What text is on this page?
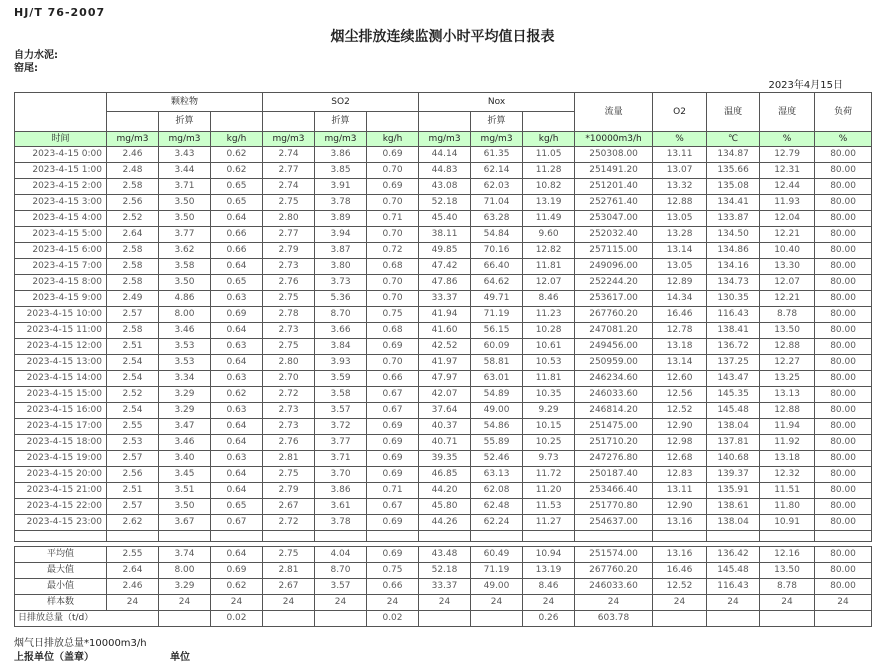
HJ/T 76-2007
烟尘排放连续监测小时平均值日报表
自力水泥:
窑尾:
2023年4月15日
	颗粒物			SO2			Nox			流量	O2	温度	湿度	负荷
		折算			折算			折算						
时间	mg/m3	mg/m3	kg/h	mg/m3	mg/m3	kg/h	mg/m3	mg/m3	kg/h	*10000m3/h	%	℃	%	%
2023-4-15 0:00	2.46	3.43	0.62	2.74	3.86	0.69	44.14	61.35	11.05	250308.00	13.11	134.87	12.79	80.00
2023-4-15 1:00	2.48	3.44	0.62	2.77	3.85	0.70	44.83	62.14	11.28	251491.20	13.07	135.66	12.31	80.00
2023-4-15 2:00	2.58	3.71	0.65	2.74	3.91	0.69	43.08	62.03	10.82	251201.40	13.32	135.08	12.44	80.00
2023-4-15 3:00	2.56	3.50	0.65	2.75	3.78	0.70	52.18	71.04	13.19	252761.40	12.88	134.41	11.93	80.00
2023-4-15 4:00	2.52	3.50	0.64	2.80	3.89	0.71	45.40	63.28	11.49	253047.00	13.05	133.87	12.04	80.00
2023-4-15 5:00	2.64	3.77	0.66	2.77	3.94	0.70	38.11	54.84	9.60	252032.40	13.28	134.50	12.21	80.00
2023-4-15 6:00	2.58	3.62	0.66	2.79	3.87	0.72	49.85	70.16	12.82	257115.00	13.14	134.86	10.40	80.00
2023-4-15 7:00	2.58	3.58	0.64	2.73	3.80	0.68	47.42	66.40	11.81	249096.00	13.05	134.16	13.30	80.00
2023-4-15 8:00	2.58	3.50	0.65	2.76	3.73	0.70	47.86	64.62	12.07	252244.20	12.89	134.73	12.07	80.00
2023-4-15 9:00	2.49	4.86	0.63	2.75	5.36	0.70	33.37	49.71	8.46	253617.00	14.34	130.35	12.21	80.00
2023-4-15 10:00	2.57	8.00	0.69	2.78	8.70	0.75	41.94	71.19	11.23	267760.20	16.46	116.43	8.78	80.00
2023-4-15 11:00	2.58	3.46	0.64	2.73	3.66	0.68	41.60	56.15	10.28	247081.20	12.78	138.41	13.50	80.00
2023-4-15 12:00	2.51	3.53	0.63	2.75	3.84	0.69	42.52	60.09	10.61	249456.00	13.18	136.72	12.88	80.00
2023-4-15 13:00	2.54	3.53	0.64	2.80	3.93	0.70	41.97	58.81	10.53	250959.00	13.14	137.25	12.27	80.00
2023-4-15 14:00	2.54	3.34	0.63	2.70	3.59	0.66	47.97	63.01	11.81	246234.60	12.60	143.47	13.25	80.00
2023-4-15 15:00	2.52	3.29	0.62	2.72	3.58	0.67	42.07	54.89	10.35	246033.60	12.56	145.35	13.13	80.00
2023-4-15 16:00	2.54	3.29	0.63	2.73	3.57	0.67	37.64	49.00	9.29	246814.20	12.52	145.48	12.88	80.00
2023-4-15 17:00	2.55	3.47	0.64	2.73	3.72	0.69	40.37	54.86	10.15	251475.00	12.90	138.04	11.94	80.00
2023-4-15 18:00	2.53	3.46	0.64	2.76	3.77	0.69	40.71	55.89	10.25	251710.20	12.98	137.81	11.92	80.00
2023-4-15 19:00	2.57	3.40	0.63	2.81	3.71	0.69	39.35	52.46	9.73	247276.80	12.68	140.68	13.18	80.00
2023-4-15 20:00	2.56	3.45	0.64	2.75	3.70	0.69	46.85	63.13	11.72	250187.40	12.83	139.37	12.32	80.00
2023-4-15 21:00	2.51	3.51	0.64	2.79	3.86	0.71	44.20	62.08	11.20	253466.40	13.11	135.91	11.51	80.00
2023-4-15 22:00	2.57	3.50	0.65	2.67	3.61	0.67	45.80	62.48	11.53	251770.80	12.90	138.61	11.80	80.00
2023-4-15 23:00	2.62	3.67	0.67	2.72	3.78	0.69	44.26	62.24	11.27	254637.00	13.16	138.04	10.91	80.00

平均值	2.55	3.74	0.64	2.75	4.04	0.69	43.48	60.49	10.94	251574.00	13.16	136.42	12.16	80.00
最大值	2.64	8.00	0.69	2.81	8.70	0.75	52.18	71.19	13.19	267760.20	16.46	145.48	13.50	80.00
最小值	2.46	3.29	0.62	2.67	3.57	0.66	33.37	49.00	8.46	246033.60	12.52	116.43	8.78	80.00
样本数	24	24	24	24	24	24	24	24	24	24	24	24	24	24
日排放总量（t/d）			0.02			0.02			0.26	603.78				
烟气日排放总量*10000m3/h
上报单位（盖章）	单位
